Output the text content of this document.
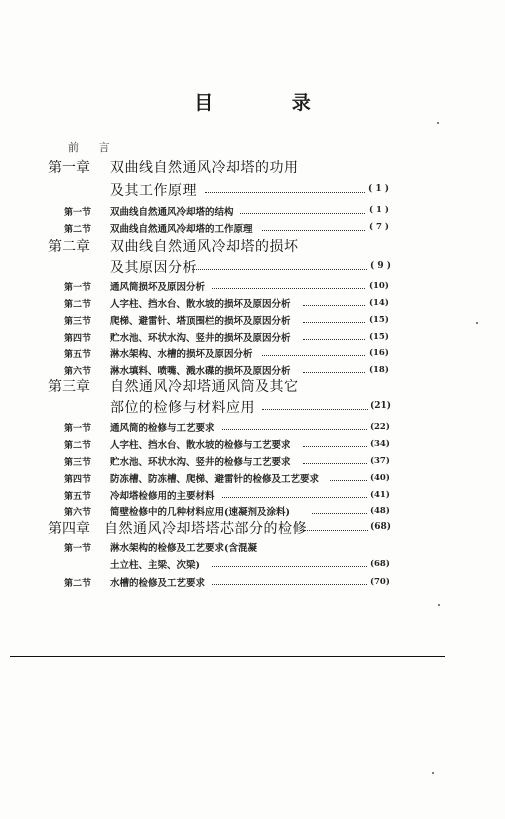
目 录
前 言
第一章 双曲线自然通风冷却塔的功用
及其工作原理	( 1 )
第一节 双曲线自然通风冷却塔的结构	( 1 )
第二节 双曲线自然通风冷却塔的工作原理	( 7 )
第二章 双曲线自然通风冷却塔的损坏
及其原因分析	( 9 )
第一节 通风筒损坏及原因分析	(10)
第二节 人字柱、挡水台、散水坡的损坏及原因分析	(14)
第三节 爬梯、避雷针、塔顶围栏的损坏及原因分析	(15)
第四节 贮水池、环状水沟、竖井的损坏及原因分析	(15)
第五节 淋水架构、水槽的损坏及原因分析	(16)
第六节 淋水填料、喷嘴、溅水碟的损坏及原因分析	(18)
第三章 自然通风冷却塔通风筒及其它
部位的检修与材料应用	(21)
第一节 通风筒的检修与工艺要求	(22)
第二节 人字柱、挡水台、散水坡的检修与工艺要求	(34)
第三节 贮水池、环状水沟、竖井的检修与工艺要求	(37)
第四节 防冻槽、防冻槽、爬梯、避雷针的检修及工艺要求	(40)
第五节 冷却塔检修用的主要材料	(41)
第六节 简壁检修中的几种材料应用(速凝剂及涂料)	(48)
第四章 自然通风冷却塔塔芯部分的检修	(68)
第一节 淋水架构的检修及工艺要求(含混凝
土立柱、主梁、次梁)	(68)
第二节 水槽的检修及工艺要求	(70)
